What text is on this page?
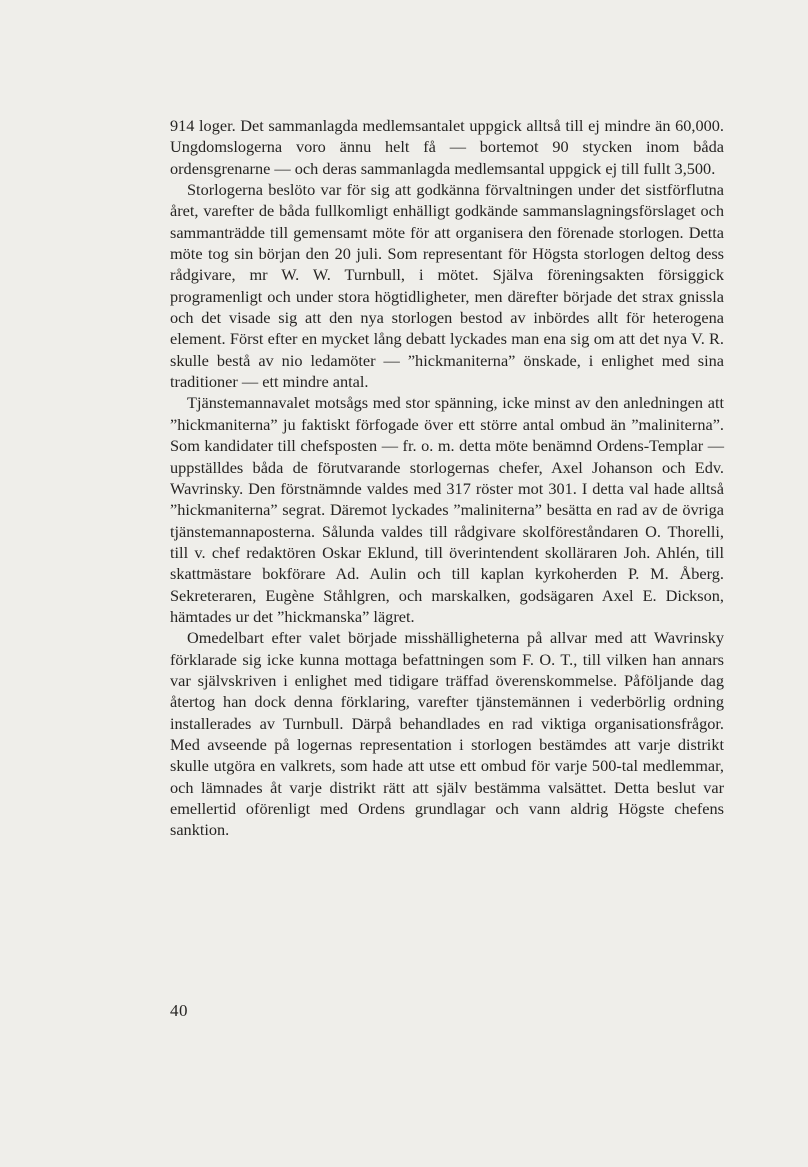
914 loger. Det sammanlagda medlemsantalet uppgick alltså till ej mindre än 60,000. Ungdomslogerna voro ännu helt få — bortemot 90 stycken inom båda ordensgrenarne — och deras sammanlagda medlemsantal uppgick ej till fullt 3,500.

Storlogerna beslöto var för sig att godkänna förvaltningen under det sistförflutna året, varefter de båda fullkomligt enhälligt godkände sammanslagningsförslaget och sammanträdde till gemensamt möte för att organisera den förenade storlogen. Detta möte tog sin början den 20 juli. Som representant för Högsta storlogen deltog dess rådgivare, mr W. W. Turnbull, i mötet. Själva föreningsakten försiggick programenligt och under stora högtidligheter, men därefter började det strax gnissla och det visade sig att den nya storlogen bestod av inbördes allt för heterogena element. Först efter en mycket lång debatt lyckades man ena sig om att det nya V. R. skulle bestå av nio ledamöter — ”hickmaniterna” önskade, i enlighet med sina traditioner — ett mindre antal.

Tjänstemannavalet motsågs med stor spänning, icke minst av den anledningen att ”hickmaniterna” ju faktiskt förfogade över ett större antal ombud än ”maliniterna”. Som kandidater till chefsposten — fr. o. m. detta möte benämnd Ordens-Templar — uppställdes båda de förutvarande storlogernas chefer, Axel Johanson och Edv. Wavrinsky. Den förstnämnde valdes med 317 röster mot 301. I detta val hade alltså ”hickmaniterna” segrat. Däremot lyckades ”maliniterna” besätta en rad av de övriga tjänstemannaposterna. Sålunda valdes till rådgivare skolföreståndaren O. Thorelli, till v. chef redaktören Oskar Eklund, till överintendent skolläraren Joh. Ahlén, till skattmästare bokförare Ad. Aulin och till kaplan kyrkoherden P. M. Åberg. Sekreteraren, Eugène Ståhlgren, och marskalken, godsägaren Axel E. Dickson, hämtades ur det ”hickmanska” lägret.

Omedelbart efter valet började misshälligheterna på allvar med att Wavrinsky förklarade sig icke kunna mottaga befattningen som F. O. T., till vilken han annars var självskriven i enlighet med tidigare träffad överenskommelse. Påföljande dag återtog han dock denna förklaring, varefter tjänstemännen i vederbörlig ordning installerades av Turnbull. Därpå behandlades en rad viktiga organisationsfrågor. Med avseende på logernas representation i storlogen bestämdes att varje distrikt skulle utgöra en valkrets, som hade att utse ett ombud för varje 500-tal medlemmar, och lämnades åt varje distrikt rätt att själv bestämma valsättet. Detta beslut var emellertid oförenligt med Ordens grundlagar och vann aldrig Högste chefens sanktion.

40
